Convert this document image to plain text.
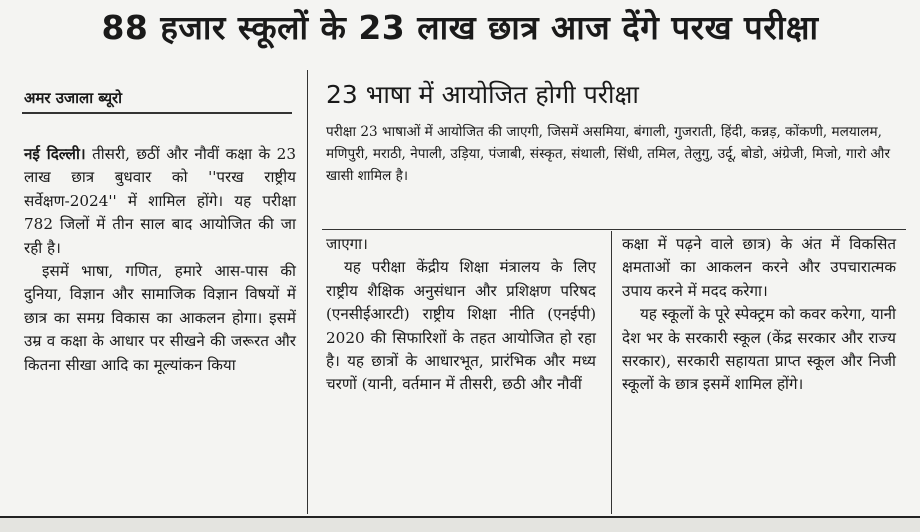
88 हजार स्कूलों के 23 लाख छात्र आज देंगे परख परीक्षा
अमर उजाला ब्यूरो	23 भाषा में आयोजित होगी परीक्षा
परीक्षा 23 भाषाओं में आयोजित की जाएगी, जिसमें असमिया, बंगाली, गुजराती, हिंदी, कन्नड़, कोंकणी, मलयालम, मणिपुरी, मराठी, नेपाली, उड़िया, पंजाबी, संस्कृत, संथाली, सिंधी, तमिल, तेलुगु, उर्दू, बोडो, अंग्रेजी, मिजो, गारो और खासी शामिल है।

नई दिल्ली। तीसरी, छठीं और नौवीं कक्षा के 23 लाख छात्र बुधवार को ''परख राष्ट्रीय सर्वेक्षण-2024'' में शामिल होंगे। यह परीक्षा 782 जिलों में तीन साल बाद आयोजित की जा रही है।

इसमें भाषा, गणित, हमारे आस-पास की दुनिया, विज्ञान और सामाजिक विज्ञान विषयों में छात्र का समग्र विकास का आकलन होगा। इसमें उम्र व कक्षा के आधार पर सीखने की जरूरत और कितना सीखा आदि का मूल्यांकन किया

जाएगा।

यह परीक्षा केंद्रीय शिक्षा मंत्रालय के लिए राष्ट्रीय शैक्षिक अनुसंधान और प्रशिक्षण परिषद (एनसीईआरटी) राष्ट्रीय शिक्षा नीति (एनईपी) 2020 की सिफारिशों के तहत आयोजित हो रहा है। यह छात्रों के आधारभूत, प्रारंभिक और मध्य चरणों (यानी, वर्तमान में तीसरी, छठी और नौवीं

कक्षा में पढ़ने वाले छात्र) के अंत में विकसित क्षमताओं का आकलन करने और उपचारात्मक उपाय करने में मदद करेगा।

यह स्कूलों के पूरे स्पेक्ट्रम को कवर करेगा, यानी देश भर के सरकारी स्कूल (केंद्र सरकार और राज्य सरकार), सरकारी सहायता प्राप्त स्कूल और निजी स्कूलों के छात्र इसमें शामिल होंगे।
